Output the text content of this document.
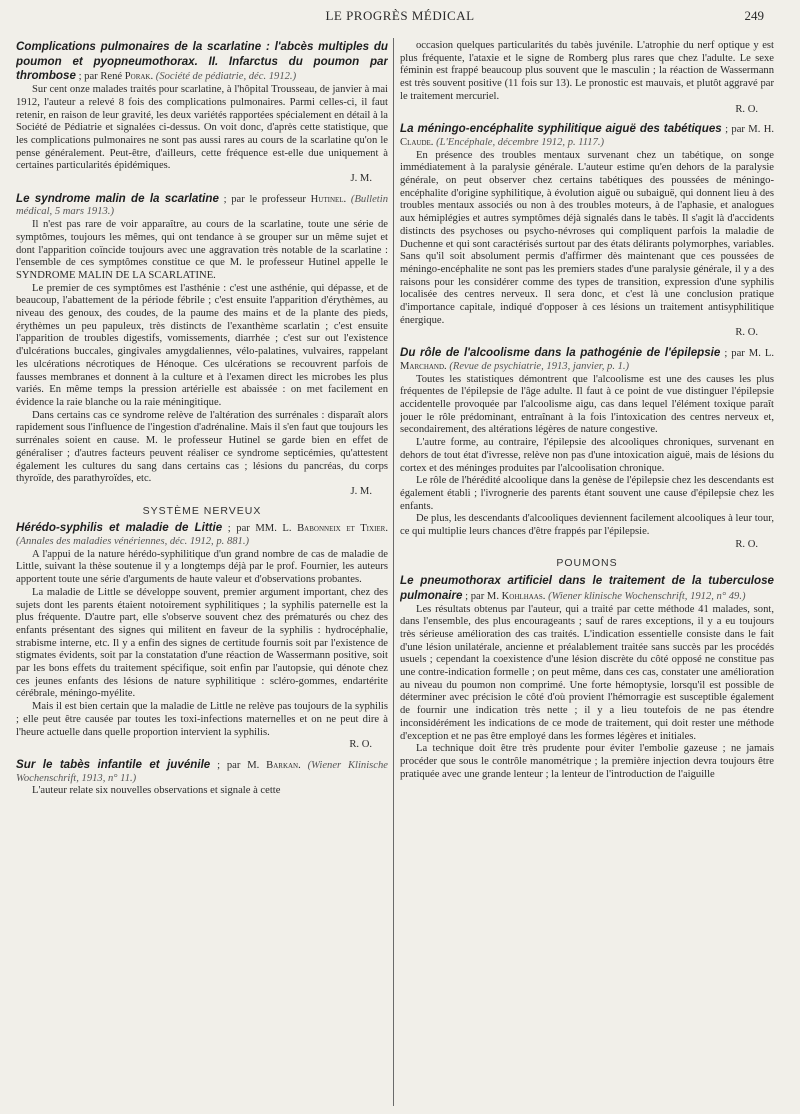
LE PROGRÈS MÉDICAL	249
Complications pulmonaires de la scarlatine : l'abcès multiples du poumon et pyopneumothorax. II. Infarctus du poumon par thrombose ; par René Porak. (Société de pédiatrie, déc. 1912.)

Sur cent onze malades traités pour scarlatine, à l'hôpital Trousseau, de janvier à mai 1912, l'auteur a relevé 8 fois des complications pulmonaires. Parmi celles-ci, il faut retenir, en raison de leur gravité, les deux variétés rapportées spécialement en détail à la Société de Pédiatrie et signalées ci-dessus. On voit donc, d'après cette statistique, que les complications pulmonaires ne sont pas aussi rares au cours de la scarlatine qu'on le pense généralement. Peut-être, d'ailleurs, cette fréquence est-elle due uniquement à certaines particularités épidémiques.

J. M.
Le syndrome malin de la scarlatine ; par le professeur Hutinel. (Bulletin médical, 5 mars 1913.)

Il n'est pas rare de voir apparaître, au cours de la scarlatine, toute une série de symptômes, toujours les mêmes, qui ont tendance à se grouper sur un même sujet et dont l'apparition coïncide toujours avec une aggravation très notable de la scarlatine : l'ensemble de ces symptômes constitue ce que M. le professeur Hutinel appelle le SYNDROME MALIN DE LA SCARLATINE.

Le premier de ces symptômes est l'asthénie : c'est une asthénie, qui dépasse, et de beaucoup, l'abattement de la période fébrile ; c'est ensuite l'apparition d'érythèmes, au niveau des genoux, des coudes, de la paume des mains et de la plante des pieds, érythèmes un peu papuleux, très distincts de l'exanthème scarlatin ; c'est ensuite l'apparition de troubles digestifs, vomissements, diarrhée ; c'est sur out l'existence d'ulcérations buccales, gingivales amygdaliennes, vélo-palatines, vulvaires, rappelant les ulcérations nécrotiques de Hénoque. Ces ulcérations se recouvrent parfois de fausses membranes et donnent à la culture et à l'examen direct les microbes les plus variés. En même temps la pression artérielle est abaissée : on met facilement en évidence la raie blanche ou la raie méningitique.

Dans certains cas ce syndrome relève de l'altération des surrénales : disparaît alors rapidement sous l'influence de l'ingestion d'adrénaline. Mais il s'en faut que toujours les surrénales soient en cause. M. le professeur Hutinel se garde bien en effet de généraliser ; d'autres facteurs peuvent réaliser ce syndrome septicémies, qu'attestent également les cultures du sang dans certains cas ; lésions du pancréas, du corps thyroïde, des parathyroïdes, etc.

J. M.
SYSTÈME NERVEUX
Hérédo-syphilis et maladie de Littie ; par MM. L. Babonneix et Tixier. (Annales des maladies vénériennes, déc. 1912, p. 881.)

A l'appui de la nature hérédo-syphilitique d'un grand nombre de cas de maladie de Little, suivant la thèse soutenue il y a longtemps déjà par le prof. Fournier, les auteurs apportent toute une série d'arguments de haute valeur et d'observations probantes.

La maladie de Little se développe souvent, premier argument important, chez des sujets dont les parents étaient notoirement syphilitiques ; la syphilis paternelle est la plus fréquente. D'autre part, elle s'observe souvent chez des prématurés ou chez des enfants présentant des signes qui militent en faveur de la syphilis : hydrocéphalie, strabisme interne, etc. Il y a enfin des signes de certitude fournis soit par l'existence de stigmates évidents, soit par la constatation d'une réaction de Wassermann positive, soit par les bons effets du traitement spécifique, soit enfin par l'autopsie, qui dénote chez ces jeunes enfants des lésions de nature syphilitique : scléro-gommes, endartérite cérébrale, méningo-myélite.

Mais il est bien certain que la maladie de Little ne relève pas toujours de la syphilis ; elle peut être causée par toutes les toxi-infections maternelles et on ne peut dire à l'heure actuelle dans quelle proportion intervient la syphilis.

R. O.
Sur le tabès infantile et juvénile ; par M. Barkan. (Wiener Klinische Wochenschrift, 1913, n° 11.)

L'auteur relate six nouvelles observations et signale à cette

occasion quelques particularités du tabès juvénile. L'atrophie du nerf optique y est plus fréquente, l'ataxie et le signe de Romberg plus rares que chez l'adulte. Le sexe féminin est frappé beaucoup plus souvent que le masculin ; la réaction de Wassermann est très souvent positive (11 fois sur 13). Le pronostic est mauvais, et plutôt aggravé par le traitement mercuriel.

R. O.
La méningo-encéphalite syphilitique aiguë des tabétiques ; par M. H. Claude. (L'Encéphale, décembre 1912, p. 1117.)

En présence des troubles mentaux survenant chez un tabétique, on songe immédiatement à la paralysie générale. L'auteur estime qu'en dehors de la paralysie générale, on peut observer chez certains tabétiques des poussées de méningo-encéphalite d'origine syphilitique, à évolution aiguë ou subaiguë, qui donnent lieu à des troubles mentaux associés ou non à des troubles moteurs, à de l'aphasie, et analogues aux hémiplégies et autres symptômes déjà signalés dans le tabès. Il s'agit là d'accidents distincts des psychoses ou psycho-névroses qui compliquent parfois la maladie de Duchenne et qui sont caractérisés surtout par des états délirants polymorphes, variables. Sans qu'il soit absolument permis d'affirmer dès maintenant que ces poussées de méningo-encéphalite ne sont pas les premiers stades d'une paralysie générale, il y a des raisons pour les considérer comme des types de transition, expression d'une syphilis localisée des centres nerveux. Il sera donc, et c'est là une conclusion pratique d'importance capitale, indiqué d'opposer à ces lésions un traitement antisyphilitique énergique.

R. O.
Du rôle de l'alcoolisme dans la pathogénie de l'épilepsie ; par M. L. Marchand. (Revue de psychiatrie, 1913, janvier, p. 1.)

Toutes les statistiques démontrent que l'alcoolisme est une des causes les plus fréquentes de l'épilepsie de l'âge adulte. Il faut à ce point de vue distinguer l'épilepsie accidentelle provoquée par l'alcoolisme aigu, cas dans lequel l'élément toxique paraît jouer le rôle prédominant, entraînant à la fois l'intoxication des centres nerveux et, secondairement, des altérations légères de nature congestive.

L'autre forme, au contraire, l'épilepsie des alcooliques chroniques, survenant en dehors de tout état d'ivresse, relève non pas d'une intoxication aiguë, mais de lésions du cortex et des méninges produites par l'alcoolisation chronique.

Le rôle de l'hérédité alcoolique dans la genèse de l'épilepsie chez les descendants est également établi ; l'ivrognerie des parents étant souvent une cause d'épilepsie chez les enfants.

De plus, les descendants d'alcooliques deviennent facilement alcooliques à leur tour, ce qui multiplie leurs chances d'être frappés par l'épilepsie.

R. O.
POUMONS
Le pneumothorax artificiel dans le traitement de la tuberculose pulmonaire ; par M. Kohlhaas. (Wiener klinische Wochenschrift, 1912, n° 49.)

Les résultats obtenus par l'auteur, qui a traité par cette méthode 41 malades, sont, dans l'ensemble, des plus encourageants ; sauf de rares exceptions, il y a eu toujours très sérieuse amélioration des cas traités. L'indication essentielle consiste dans le fait d'une lésion unilatérale, ancienne et préalablement traitée sans succès par les procédés usuels ; cependant la coexistence d'une lésion discrète du côté opposé ne constitue pas une contre-indication formelle ; on peut même, dans ces cas, constater une amélioration au niveau du poumon non comprimé. Une forte hémoptysie, lorsqu'il est possible de déterminer avec précision le côté d'où provient l'hémorragie est susceptible également de fournir une indication très nette ; il y a lieu toutefois de ne pas étendre inconsidérément les indications de ce mode de traitement, qui doit rester une méthode d'exception et ne pas être employé dans les formes légères et initiales.

La technique doit être très prudente pour éviter l'embolie gazeuse ; ne jamais procéder que sous le contrôle manométrique ; la première injection devra toujours être pratiquée avec une grande lenteur ; la lenteur de l'introduction de l'aiguille
